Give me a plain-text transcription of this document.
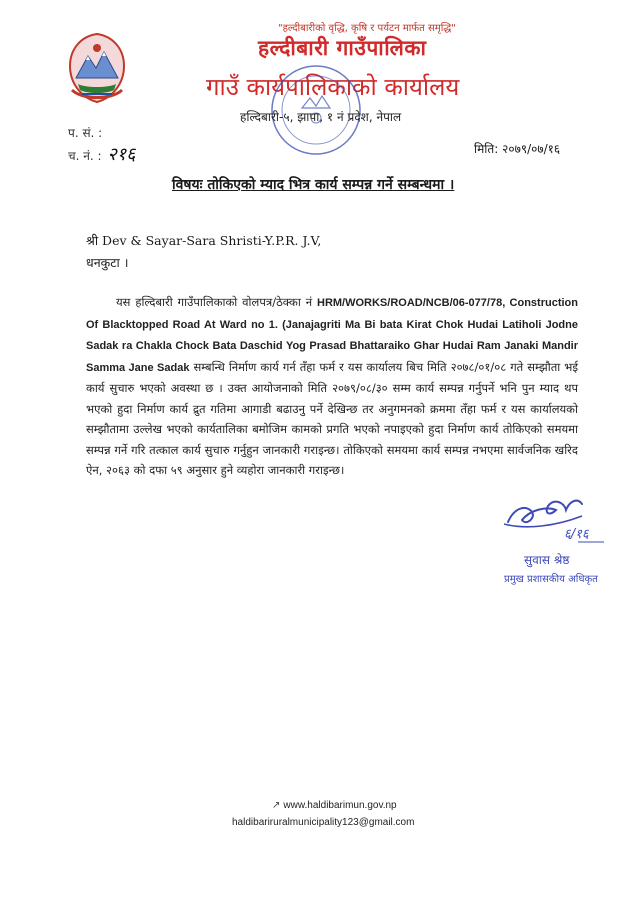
"हल्दीबारीको वृद्धि, कृषि र पर्यटन मार्फत समृद्धि"
हल्दीबारी गाउँपालिका
गाउँ कार्यपालिकाको कार्यालय
हल्दिबारी-५, झापा, १ नं प्रदेश, नेपाल
प. सं. :
च. नं. : २१६	मिति: २०७९/०७/१६
विषयः तोकिएको म्याद भित्र कार्य सम्पन्न गर्ने सम्बन्धमा ।
श्री Dev & Sayar-Sara Shristi-Y.P.R. J.V,
धनकुटा ।
यस हल्दिबारी गाउँपालिकाको वोलपत्र/ठेक्का नं HRM/WORKS/ROAD/NCB/06-077/78, Construction Of Blacktopped Road At Ward no 1. (Janajagriti Ma Bi bata Kirat Chok Hudai Latiholi Jodne Sadak ra Chakla Chock Bata Daschid Yog Prasad Bhattaraiko Ghar Hudai Ram Janaki Mandir Samma Jane Sadak सम्बन्धि निर्माण कार्य गर्न तँहा फर्म र यस कार्यालय बिच मिति २०७८/०१/०८ गते सम्झौता भई कार्य सुचारु भएको अवस्था छ । उक्त आयोजनाको मिति २०७९/०८/३० सम्म कार्य सम्पन्न गर्नुपर्ने भनि पुन म्याद थप भएको हुदा निर्माण कार्य द्रुत गतिमा आगाडी बढाउनु पर्ने देखिन्छ तर अनुगमनको क्रममा तँहा फर्म र यस कार्यालयको सम्झौतामा उल्लेख भएको कार्यतालिका बमोजिम कामको प्रगति भएको नपाइएको हुदा निर्माण कार्य तोकिएको समयमा सम्पन्न गर्ने गरि तत्काल कार्य सुचारु गर्नुहुन जानकारी गराइन्छ। तोकिएको समयमा कार्य सम्पन्न नभएमा सार्वजनिक खरिद ऐन, २०६३ को दफा ५९ अनुसार हुने व्यहोरा जानकारी गराइन्छ।
६/१६
सुवास श्रेष्ठ
प्रमुख प्रशासकीय अधिकृत
↗ www.haldibarimun.gov.np
haldibariruralmunicipality123@gmail.com
